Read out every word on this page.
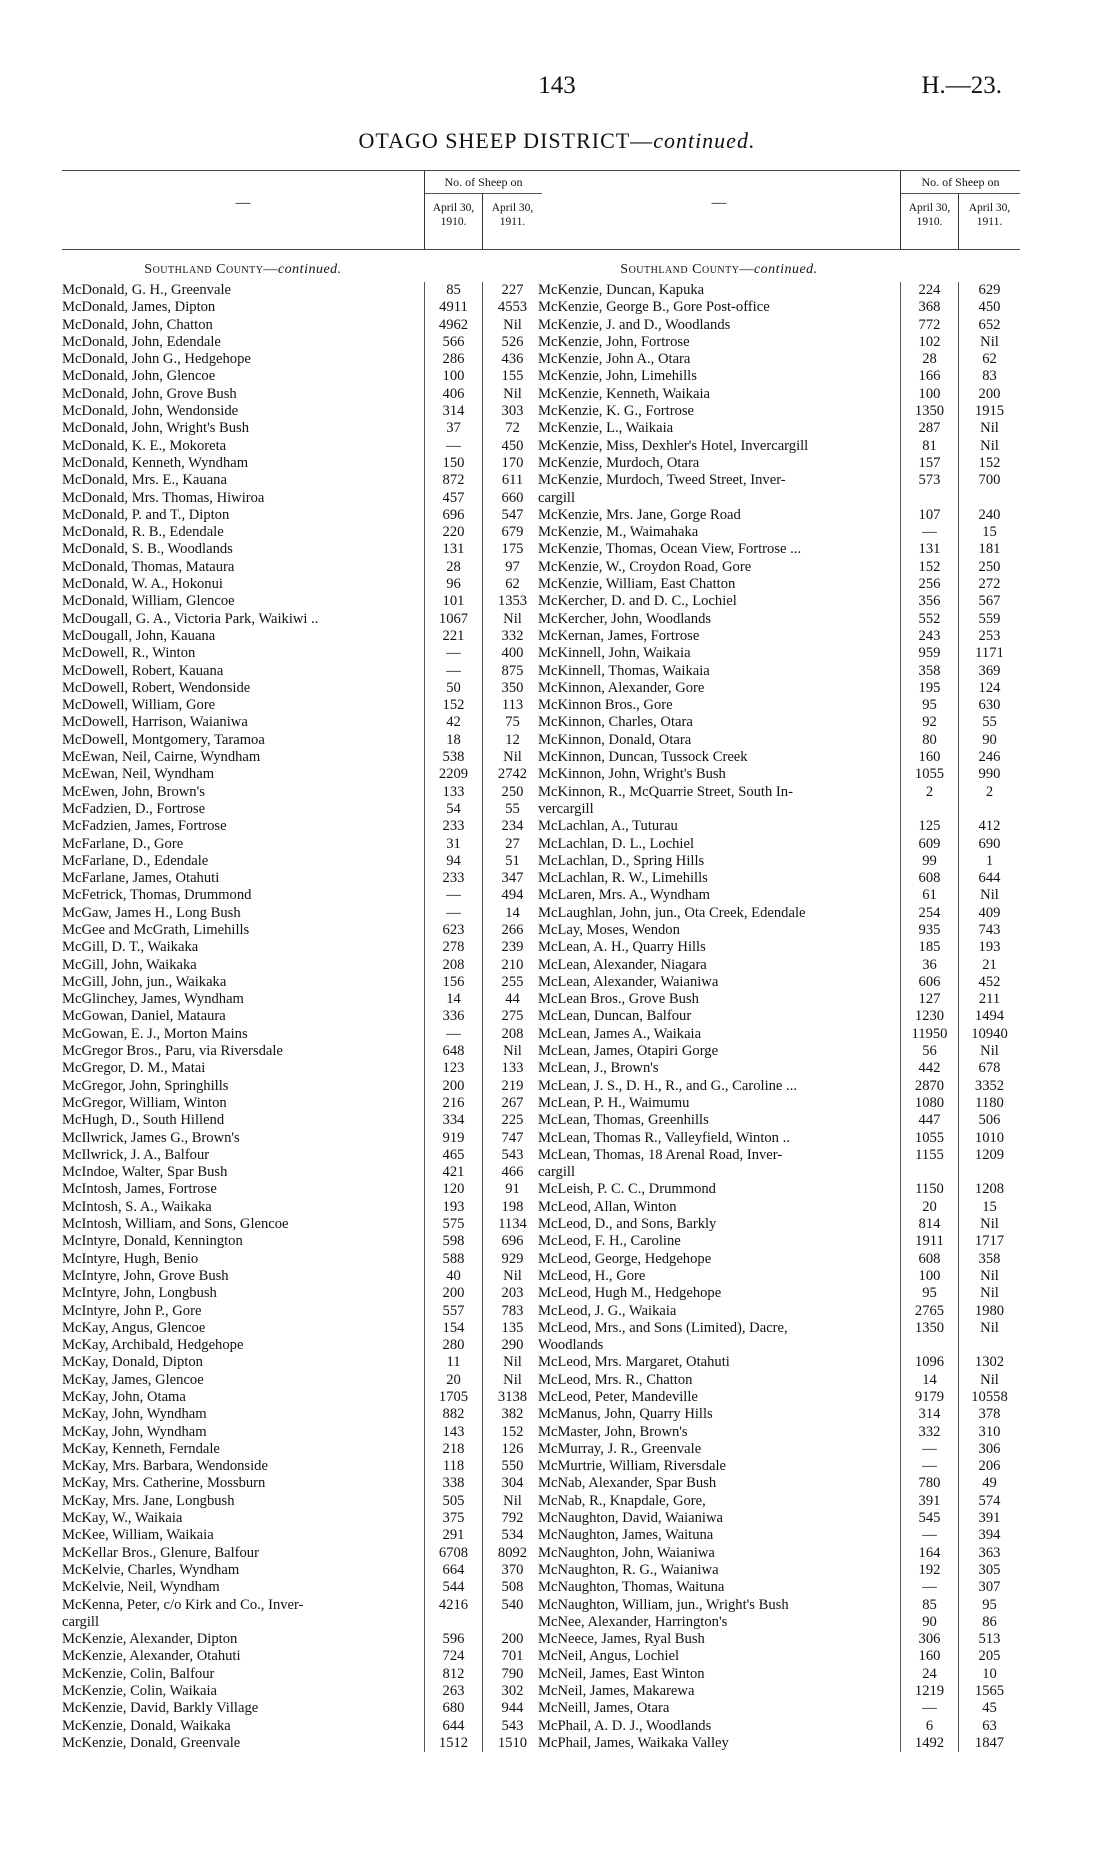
143	H.—23.
OTAGO SHEEP DISTRICT—continued.
—
No. of Sheep on
April 30, 1910.
April 30, 1911.
Southland County—continued.
McDonald, G. H., Greenvale	85	227
McDonald, James, Dipton	4911	4553
McDonald, John, Chatton	4962	Nil
McDonald, John, Edendale	566	526
McDonald, John G., Hedgehope	286	436
McDonald, John, Glencoe	100	155
McDonald, John, Grove Bush	406	Nil
McDonald, John, Wendonside	314	303
McDonald, John, Wright's Bush	37	72
McDonald, K. E., Mokoreta	—	450
McDonald, Kenneth, Wyndham	150	170
McDonald, Mrs. E., Kauana	872	611
McDonald, Mrs. Thomas, Hiwiroa	457	660
McDonald, P. and T., Dipton	696	547
McDonald, R. B., Edendale	220	679
McDonald, S. B., Woodlands	131	175
McDonald, Thomas, Mataura	28	97
McDonald, W. A., Hokonui	96	62
McDonald, William, Glencoe	101	1353
McDougall, G. A., Victoria Park, Waikiwi ..	1067	Nil
McDougall, John, Kauana	221	332
McDowell, R., Winton	—	400
McDowell, Robert, Kauana	—	875
McDowell, Robert, Wendonside	50	350
McDowell, William, Gore	152	113
McDowell, Harrison, Waianiwa	42	75
McDowell, Montgomery, Taramoa	18	12
McEwan, Neil, Cairne, Wyndham	538	Nil
McEwan, Neil, Wyndham	2209	2742
McEwen, John, Brown's	133	250
McFadzien, D., Fortrose	54	55
McFadzien, James, Fortrose	233	234
McFarlane, D., Gore	31	27
McFarlane, D., Edendale	94	51
McFarlane, James, Otahuti	233	347
McFetrick, Thomas, Drummond	—	494
McGaw, James H., Long Bush	—	14
McGee and McGrath, Limehills	623	266
McGill, D. T., Waikaka	278	239
McGill, John, Waikaka	208	210
McGill, John, jun., Waikaka	156	255
McGlinchey, James, Wyndham	14	44
McGowan, Daniel, Mataura	336	275
McGowan, E. J., Morton Mains	—	208
McGregor Bros., Paru, via Riversdale	648	Nil
McGregor, D. M., Matai	123	133
McGregor, John, Springhills	200	219
McGregor, William, Winton	216	267
McHugh, D., South Hillend	334	225
McIlwrick, James G., Brown's	919	747
McIlwrick, J. A., Balfour	465	543
McIndoe, Walter, Spar Bush	421	466
McIntosh, James, Fortrose	120	91
McIntosh, S. A., Waikaka	193	198
McIntosh, William, and Sons, Glencoe	575	1134
McIntyre, Donald, Kennington	598	696
McIntyre, Hugh, Benio	588	929
McIntyre, John, Grove Bush	40	Nil
McIntyre, John, Longbush	200	203
McIntyre, John P., Gore	557	783
McKay, Angus, Glencoe	154	135
McKay, Archibald, Hedgehope	280	290
McKay, Donald, Dipton	11	Nil
McKay, James, Glencoe	20	Nil
McKay, John, Otama	1705	3138
McKay, John, Wyndham	882	382
McKay, John, Wyndham	143	152
McKay, Kenneth, Ferndale	218	126
McKay, Mrs. Barbara, Wendonside	118	550
McKay, Mrs. Catherine, Mossburn	338	304
McKay, Mrs. Jane, Longbush	505	Nil
McKay, W., Waikaia	375	792
McKee, William, Waikaia	291	534
McKellar Bros., Glenure, Balfour	6708	8092
McKelvie, Charles, Wyndham	664	370
McKelvie, Neil, Wyndham	544	508
McKenna, Peter, c/o Kirk and Co., Inver-	4216	540
cargill
McKenzie, Alexander, Dipton	596	200
McKenzie, Alexander, Otahuti	724	701
McKenzie, Colin, Balfour	812	790
McKenzie, Colin, Waikaia	263	302
McKenzie, David, Barkly Village	680	944
McKenzie, Donald, Waikaka	644	543
McKenzie, Donald, Greenvale	1512	1510
—
No. of Sheep on
April 30, 1910.
April 30, 1911.
Southland County—continued.
McKenzie, Duncan, Kapuka	224	629
McKenzie, George B., Gore Post-office	368	450
McKenzie, J. and D., Woodlands	772	652
McKenzie, John, Fortrose	102	Nil
McKenzie, John A., Otara	28	62
McKenzie, John, Limehills	166	83
McKenzie, Kenneth, Waikaia	100	200
McKenzie, K. G., Fortrose	1350	1915
McKenzie, L., Waikaia	287	Nil
McKenzie, Miss, Dexhler's Hotel, Invercargill	81	Nil
McKenzie, Murdoch, Otara	157	152
McKenzie, Murdoch, Tweed Street, Inver-	573	700
cargill
McKenzie, Mrs. Jane, Gorge Road	107	240
McKenzie, M., Waimahaka	—	15
McKenzie, Thomas, Ocean View, Fortrose ...	131	181
McKenzie, W., Croydon Road, Gore	152	250
McKenzie, William, East Chatton	256	272
McKercher, D. and D. C., Lochiel	356	567
McKercher, John, Woodlands	552	559
McKernan, James, Fortrose	243	253
McKinnell, John, Waikaia	959	1171
McKinnell, Thomas, Waikaia	358	369
McKinnon, Alexander, Gore	195	124
McKinnon Bros., Gore	95	630
McKinnon, Charles, Otara	92	55
McKinnon, Donald, Otara	80	90
McKinnon, Duncan, Tussock Creek	160	246
McKinnon, John, Wright's Bush	1055	990
McKinnon, R., McQuarrie Street, South In-	2	2
vercargill
McLachlan, A., Tuturau	125	412
McLachlan, D. L., Lochiel	609	690
McLachlan, D., Spring Hills	99	1
McLachlan, R. W., Limehills	608	644
McLaren, Mrs. A., Wyndham	61	Nil
McLaughlan, John, jun., Ota Creek, Edendale	254	409
McLay, Moses, Wendon	935	743
McLean, A. H., Quarry Hills	185	193
McLean, Alexander, Niagara	36	21
McLean, Alexander, Waianiwa	606	452
McLean Bros., Grove Bush	127	211
McLean, Duncan, Balfour	1230	1494
McLean, James A., Waikaia	11950	10940
McLean, James, Otapiri Gorge	56	Nil
McLean, J., Brown's	442	678
McLean, J. S., D. H., R., and G., Caroline ...	2870	3352
McLean, P. H., Waimumu	1080	1180
McLean, Thomas, Greenhills	447	506
McLean, Thomas R., Valleyfield, Winton ..	1055	1010
McLean, Thomas, 18 Arenal Road, Inver-	1155	1209
cargill
McLeish, P. C. C., Drummond	1150	1208
McLeod, Allan, Winton	20	15
McLeod, D., and Sons, Barkly	814	Nil
McLeod, F. H., Caroline	1911	1717
McLeod, George, Hedgehope	608	358
McLeod, H., Gore	100	Nil
McLeod, Hugh M., Hedgehope	95	Nil
McLeod, J. G., Waikaia	2765	1980
McLeod, Mrs., and Sons (Limited), Dacre,	1350	Nil
Woodlands
McLeod, Mrs. Margaret, Otahuti	1096	1302
McLeod, Mrs. R., Chatton	14	Nil
McLeod, Peter, Mandeville	9179	10558
McManus, John, Quarry Hills	314	378
McMaster, John, Brown's	332	310
McMurray, J. R., Greenvale	—	306
McMurtrie, William, Riversdale	—	206
McNab, Alexander, Spar Bush	780	49
McNab, R., Knapdale, Gore,	391	574
McNaughton, David, Waianiwa	545	391
McNaughton, James, Waituna	—	394
McNaughton, John, Waianiwa	164	363
McNaughton, R. G., Waianiwa	192	305
McNaughton, Thomas, Waituna	—	307
McNaughton, William, jun., Wright's Bush	85	95
McNee, Alexander, Harrington's	90	86
McNeece, James, Ryal Bush	306	513
McNeil, Angus, Lochiel	160	205
McNeil, James, East Winton	24	10
McNeil, James, Makarewa	1219	1565
McNeill, James, Otara	—	45
McPhail, A. D. J., Woodlands	6	63
McPhail, James, Waikaka Valley	1492	1847
